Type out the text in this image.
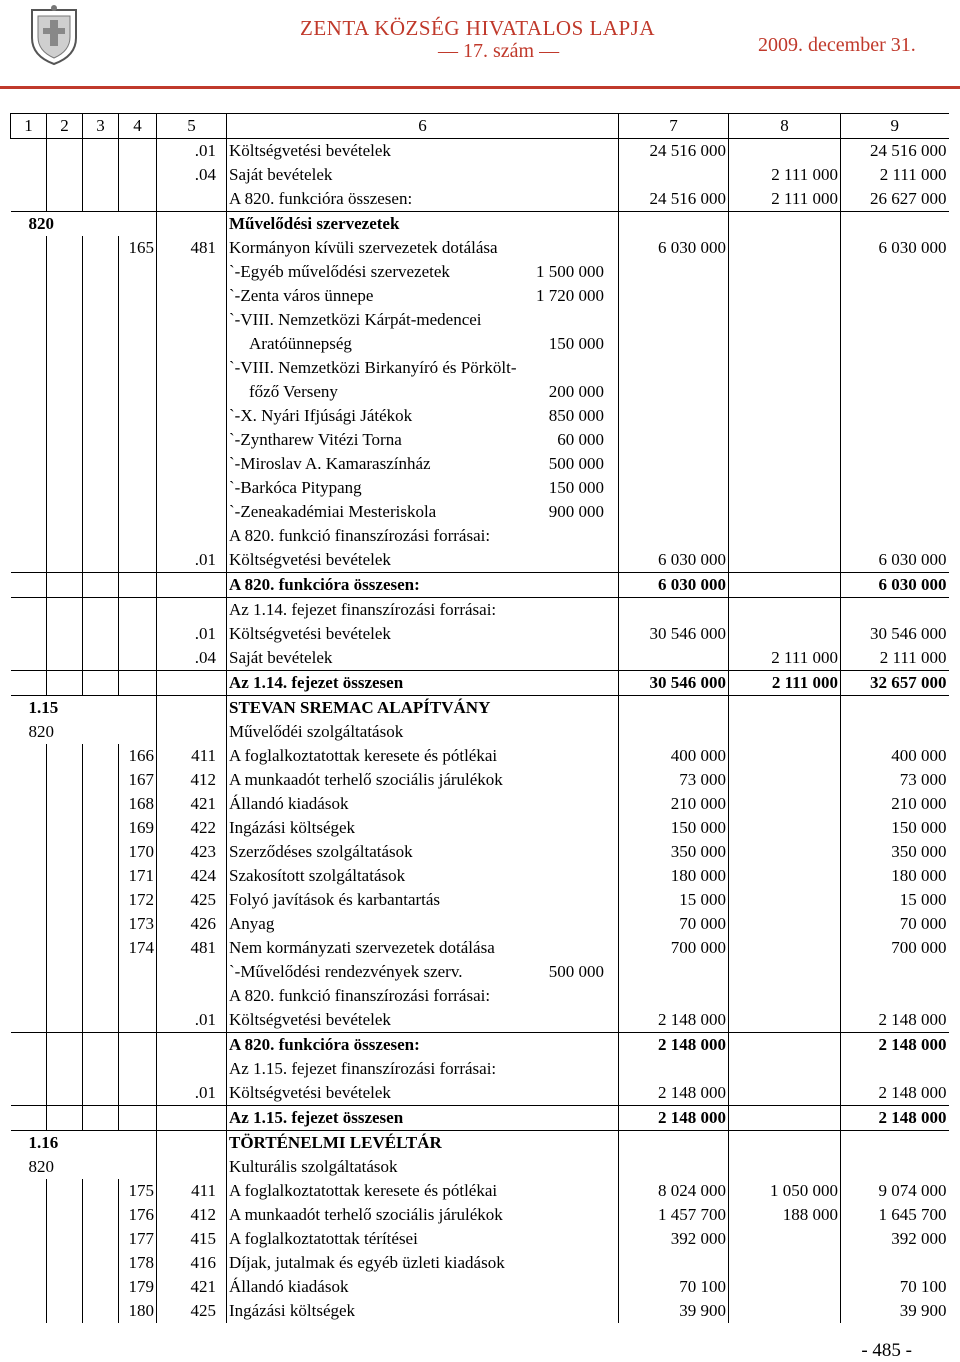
ZENTA KÖZSÉG HIVATALOS LAPJA
— 17. szám —	2009. december 31.
1	2	3	4	5	6	7	8	9
				.01	Költségvetési bevételek	24 516 000		24 516 000
				.04	Saját bevételek		2 111 000	2 111 000
					A 820. funkcióra összesen:	24 516 000	2 111 000	26 627 000
820					Művelődési szervezetek			
			165	481	Kormányon kívüli szervezetek dotálása	6 030 000		6 030 000

					`-Egyéb művelődési szervezetek 1 500 000			

					`-Zenta város ünnepe 1 720 000			

					`-VIII. Nemzetközi Kárpát-medencei			

					Aratóünnepség 150 000			

					`-VIII. Nemzetközi Birkanyíró és Pörkölt-			

					főző Verseny 200 000			

					`-X. Nyári Ifjúsági Játékok 850 000			

					`-Zyntharew Vitézi Torna 60 000			

					`-Miroslav A. Kamaraszínház 500 000			

					`-Barkóca Pitypang 150 000			

					`-Zeneakadémiai Mesteriskola 900 000			

					A 820. funkció finanszírozási forrásai:			
				.01	Költségvetési bevételek	6 030 000		6 030 000
					A 820. funkcióra összesen:	6 030 000		6 030 000
					Az 1.14. fejezet finanszírozási forrásai:			
				.01	Költségvetési bevételek	30 546 000		30 546 000
				.04	Saját bevételek		2 111 000	2 111 000
					Az 1.14. fejezet összesen	30 546 000	2 111 000	32 657 000
1.15					STEVAN SREMAC ALAPÍTVÁNY			
820					Művelődéi szolgáltatások			
			166	411	A foglalkoztatottak keresete és pótlékai	400 000		400 000
			167	412	A munkaadót terhelő szociális járulékok	73 000		73 000
			168	421	Állandó kiadások	210 000		210 000
			169	422	Ingázási költségek	150 000		150 000
			170	423	Szerződéses szolgáltatások	350 000		350 000
			171	424	Szakosított szolgáltatások	180 000		180 000
			172	425	Folyó javítások és karbantartás	15 000		15 000
			173	426	Anyag	70 000		70 000
			174	481	Nem kormányzati szervezetek dotálása	700 000		700 000

					`-Művelődési rendezvények szerv. 500 000			

					A 820. funkció finanszírozási forrásai:			
				.01	Költségvetési bevételek	2 148 000		2 148 000
					A 820. funkcióra összesen:	2 148 000		2 148 000
					Az 1.15. fejezet finanszírozási forrásai:			
				.01	Költségvetési bevételek	2 148 000		2 148 000
					Az 1.15. fejezet összesen	2 148 000		2 148 000
1.16					TÖRTÉNELMI LEVÉLTÁR			
820					Kulturális szolgáltatások			
			175	411	A foglalkoztatottak keresete és pótlékai	8 024 000	1 050 000	9 074 000
			176	412	A munkaadót terhelő szociális járulékok	1 457 700	188 000	1 645 700
			177	415	A foglalkoztatottak térítései	392 000		392 000
			178	416	Díjak, jutalmak és egyéb üzleti kiadások			
			179	421	Állandó kiadások	70 100		70 100
			180	425	Ingázási költségek	39 900		39 900
- 485 -
